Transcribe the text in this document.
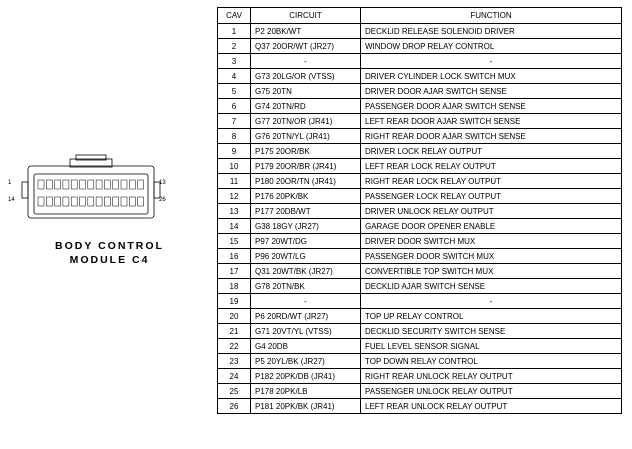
1	13
14	26
BODY CONTROL
MODULE C4
CAV	CIRCUIT	FUNCTION
1	P2 20BK/WT	DECKLID RELEASE SOLENOID DRIVER
2	Q37 20OR/WT (JR27)	WINDOW DROP RELAY CONTROL
3	-	-
4	G73 20LG/OR (VTSS)	DRIVER CYLINDER LOCK SWITCH MUX
5	G75 20TN	DRIVER DOOR AJAR SWITCH SENSE
6	G74 20TN/RD	PASSENGER DOOR AJAR SWITCH SENSE
7	G77 20TN/OR (JR41)	LEFT REAR DOOR AJAR SWITCH SENSE
8	G76 20TN/YL (JR41)	RIGHT REAR DOOR AJAR SWITCH SENSE
9	P175 20OR/BK	DRIVER LOCK RELAY OUTPUT
10	P179 20OR/BR (JR41)	LEFT REAR LOCK RELAY OUTPUT
11	P180 20OR/TN (JR41)	RIGHT REAR LOCK RELAY OUTPUT
12	P176 20PK/BK	PASSENGER LOCK RELAY OUTPUT
13	P177 20DB/WT	DRIVER UNLOCK RELAY OUTPUT
14	G38 18GY (JR27)	GARAGE DOOR OPENER ENABLE
15	P97 20WT/DG	DRIVER DOOR SWITCH MUX
16	P96 20WT/LG	PASSENGER DOOR SWITCH MUX
17	Q31 20WT/BK (JR27)	CONVERTIBLE TOP SWITCH MUX
18	G78 20TN/BK	DECKLID AJAR SWITCH SENSE
19	-	-
20	P6 20RD/WT (JR27)	TOP UP RELAY CONTROL
21	G71 20VT/YL (VTSS)	DECKLID SECURITY SWITCH SENSE
22	G4 20DB	FUEL LEVEL SENSOR SIGNAL
23	P5 20YL/BK (JR27)	TOP DOWN RELAY CONTROL
24	P182 20PK/DB (JR41)	RIGHT REAR UNLOCK RELAY OUTPUT
25	P178 20PK/LB	PASSENGER UNLOCK RELAY OUTPUT
26	P181 20PK/BK (JR41)	LEFT REAR UNLOCK RELAY OUTPUT
